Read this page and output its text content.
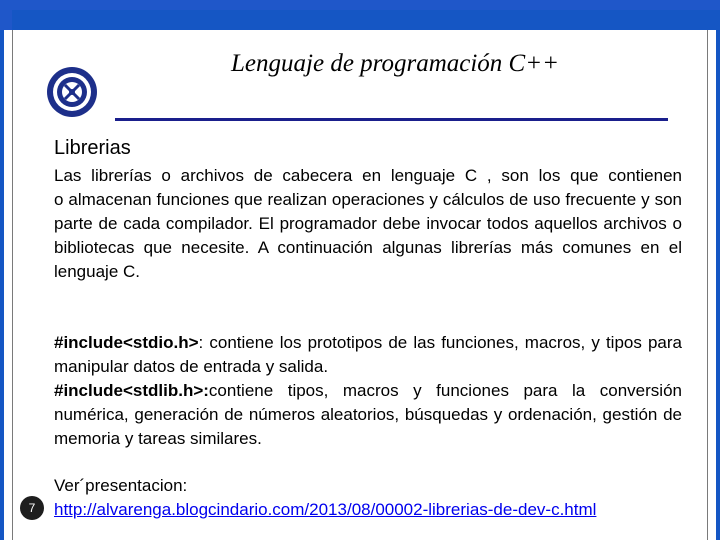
Lenguaje de programación C++
Librerias
Las librerías o archivos de cabecera en lenguaje C , son los que contienen
o almacenan funciones que realizan operaciones y cálculos de uso frecuente y son parte de cada compilador. El programador debe invocar todos aquellos archivos o bibliotecas que necesite. A continuación algunas librerías más comunes en el lenguaje C.
#include<stdio.h>: contiene los prototipos de las funciones, macros, y tipos para manipular datos de entrada y salida.
#include<stdlib.h>:contiene tipos, macros y funciones para la conversión numérica, generación de números aleatorios, búsquedas y ordenación, gestión de memoria y tareas similares.
Ver´presentacion:
http://alvarenga.blogcindario.com/2013/08/00002-librerias-de-dev-c.html
7
